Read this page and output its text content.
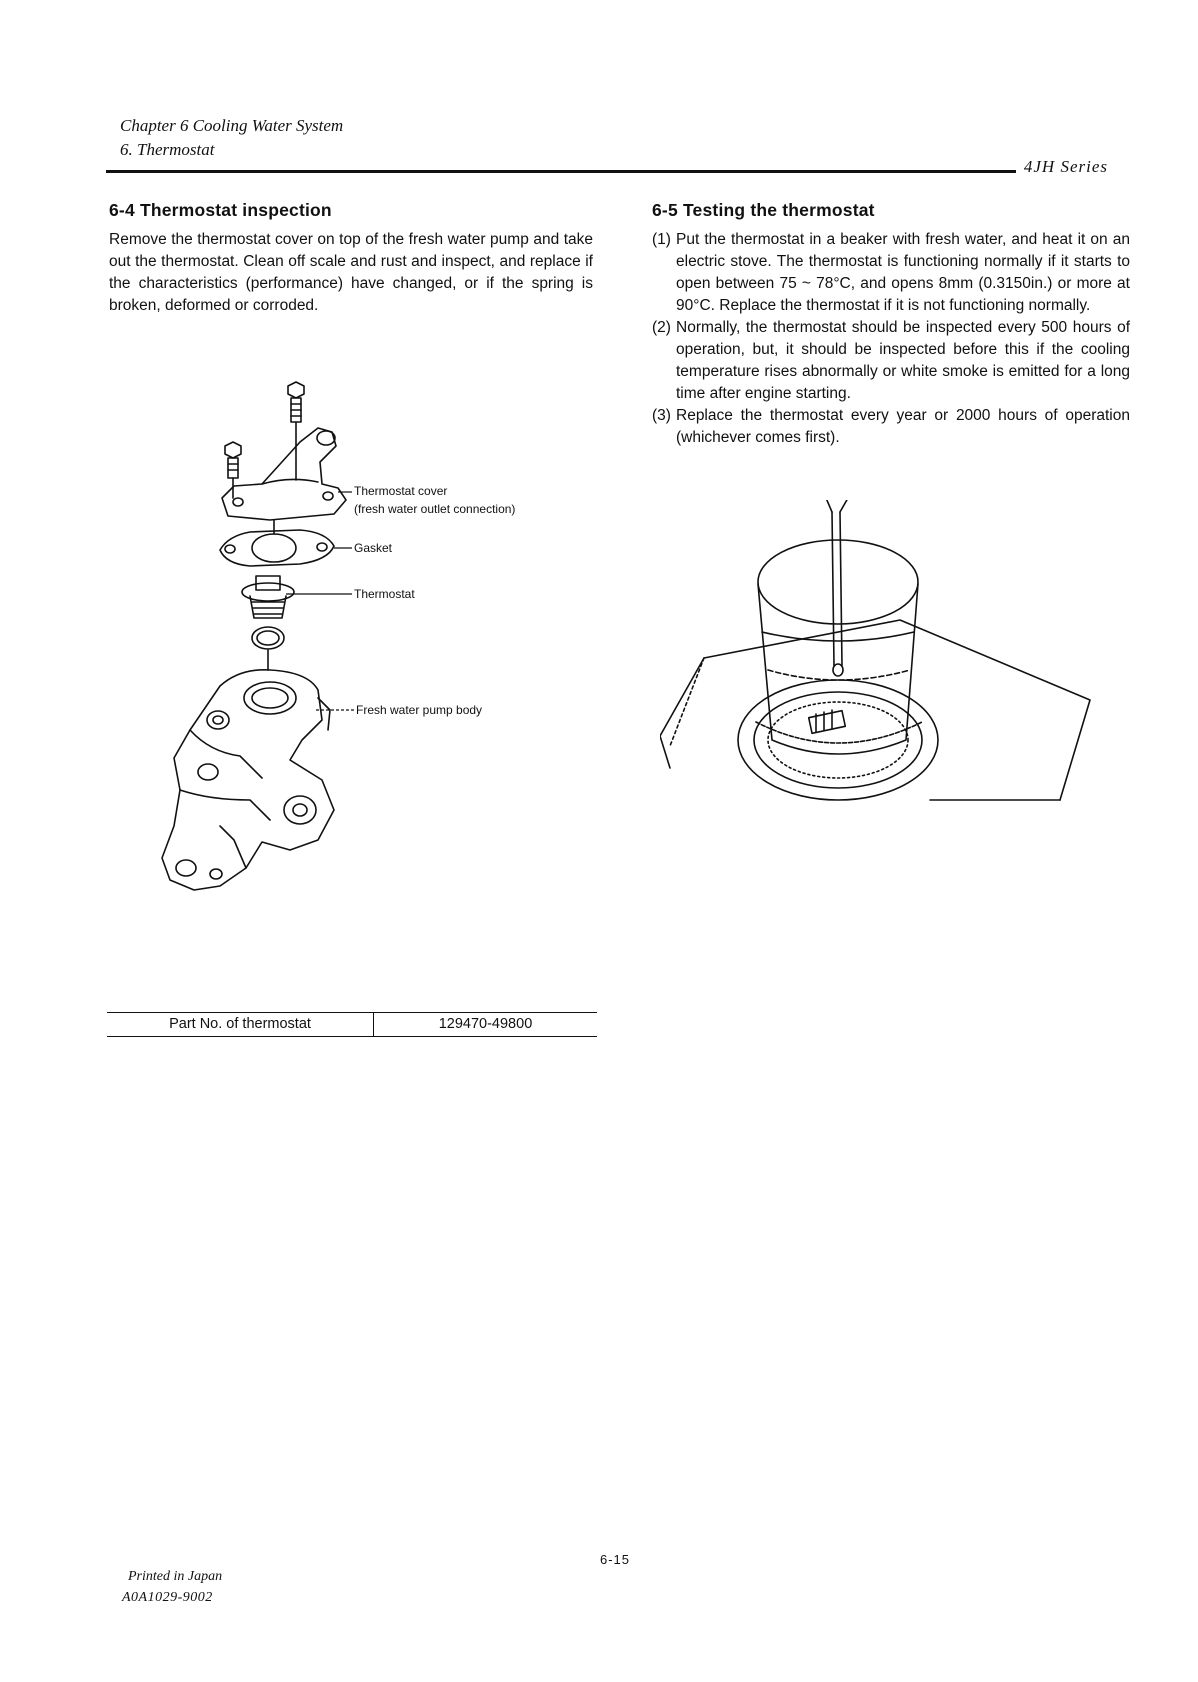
Chapter 6 Cooling Water System
6. Thermostat
4JH Series
6-4 Thermostat inspection

Remove the thermostat cover on top of the fresh water pump and take out the thermostat. Clean off scale and rust and inspect, and replace if the characteristics (performance) have changed, or if the spring is broken, deformed or corroded.

6-5 Testing the thermostat
(1) Put the thermostat in a beaker with fresh water, and heat it on an electric stove. The thermostat is functioning normally if it starts to open between 75 ~ 78°C, and opens 8mm (0.3150in.) or more at 90°C. Replace the thermostat if it is not functioning normally.
(2) Normally, the thermostat should be inspected every 500 hours of operation, but, it should be inspected before this if the cooling temperature rises abnormally or white smoke is emitted for a long time after engine starting.
(3) Replace the thermostat every year or 2000 hours of operation (whichever comes first).
Thermostat cover
(fresh water outlet connection)
Gasket
Thermostat
Fresh water pump body
Part No. of thermostat	129470-49800
6-15
Printed in Japan
A0A1029-9002
